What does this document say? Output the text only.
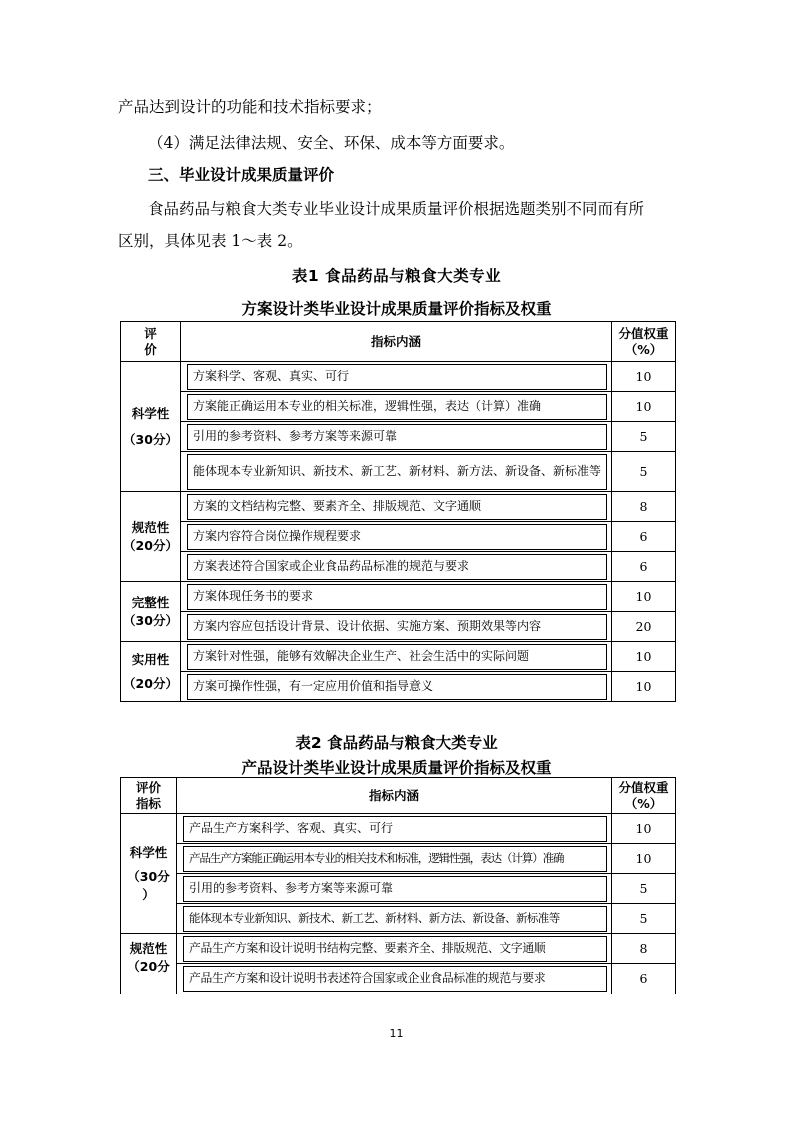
产品达到设计的功能和技术指标要求；
（4）满足法律法规、安全、环保、成本等方面要求。
三、毕业设计成果质量评价
食品药品与粮食大类专业毕业设计成果质量评价根据选题类别不同而有所
区别，具体见表 1～表 2。
表1 食品药品与粮食大类专业
方案设计类毕业设计成果质量评价指标及权重
评
价	指标内涵	分值权重
（%）

科学性
（30分）	方案科学、客观、真实、可行	10

方案能正确运用本专业的相关标准，逻辑性强，表达（计算）准确	10

引用的参考资料、参考方案等来源可靠	5

能体现本专业新知识、新技术、新工艺、新材料、新方法、新设备、新标准等	5

规范性
（20分）	方案的文档结构完整、要素齐全、排版规范、文字通顺	8

方案内容符合岗位操作规程要求	6

方案表述符合国家或企业食品药品标准的规范与要求	6

完整性
（30分）	方案体现任务书的要求	10

方案内容应包括设计背景、设计依据、实施方案、预期效果等内容	20

实用性
（20分）	方案针对性强，能够有效解决企业生产、社会生活中的实际问题	10

方案可操作性强，有一定应用价值和指导意义	10
表2 食品药品与粮食大类专业
产品设计类毕业设计成果质量评价指标及权重
评价
指标	指标内涵	分值权重
（%）

科学性
（30分
）	产品生产方案科学、客观、真实、可行	10

产品生产方案能正确运用本专业的相关技术和标准，逻辑性强，表达（计算）准确	10

引用的参考资料、参考方案等来源可靠	5

能体现本专业新知识、新技术、新工艺、新材料、新方法、新设备、新标准等	5

规范性
（20分	产品生产方案和设计说明书结构完整、要素齐全、排版规范、文字通顺	8

产品生产方案和设计说明书表述符合国家或企业食品标准的规范与要求	6
11
